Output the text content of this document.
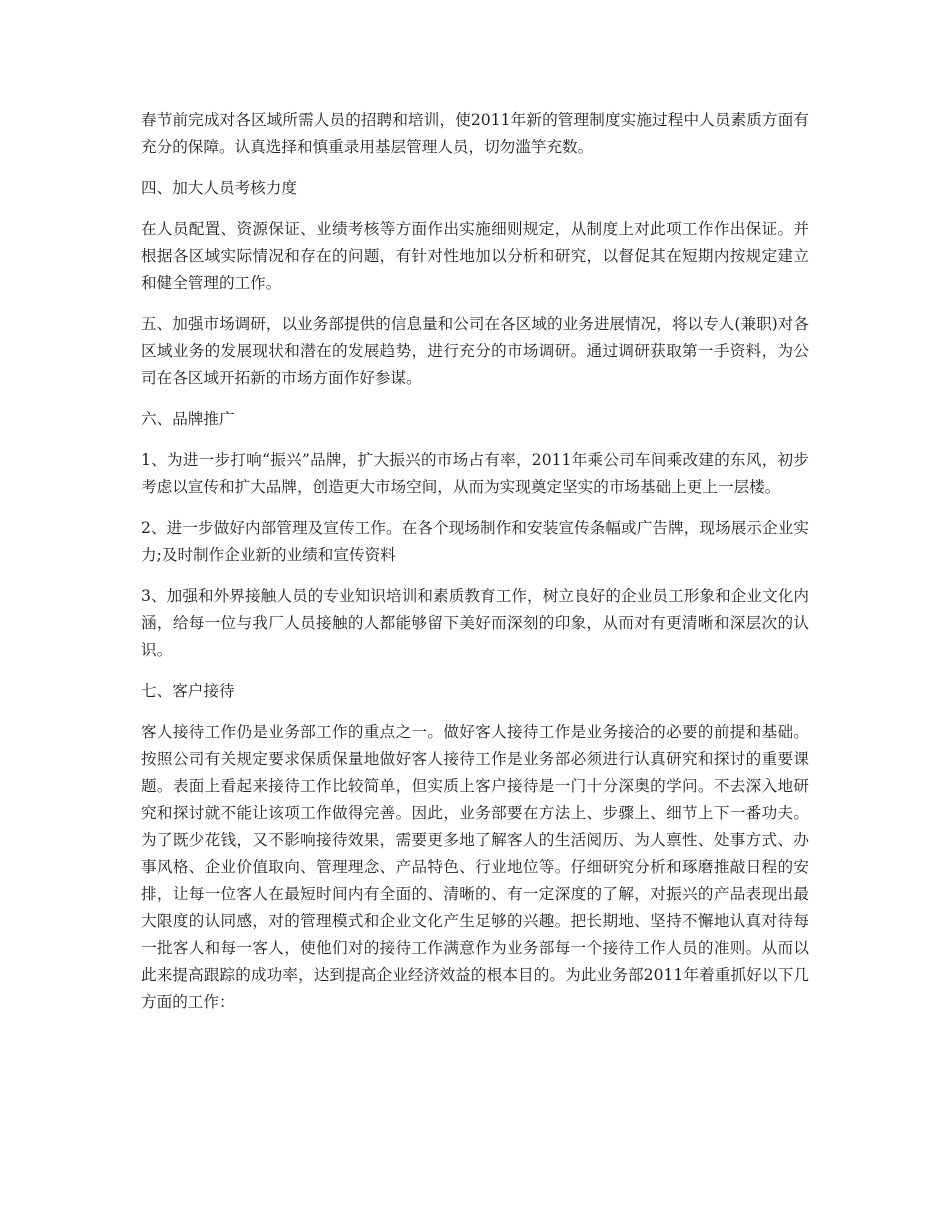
春节前完成对各区域所需人员的招聘和培训，使2011年新的管理制度实施过程中人员素质方面有充分的保障。认真选择和慎重录用基层管理人员，切勿滥竽充数。

四、加大人员考核力度

在人员配置、资源保证、业绩考核等方面作出实施细则规定，从制度上对此项工作作出保证。并根据各区域实际情况和存在的问题，有针对性地加以分析和研究，以督促其在短期内按规定建立和健全管理的工作。

五、加强市场调研，以业务部提供的信息量和公司在各区域的业务进展情况，将以专人(兼职)对各区域业务的发展现状和潜在的发展趋势，进行充分的市场调研。通过调研获取第一手资料，为公司在各区域开拓新的市场方面作好参谋。

六、品牌推广

1、为进一步打响“振兴”品牌，扩大振兴的市场占有率，2011年乘公司车间乘改建的东风，初步考虑以宣传和扩大品牌，创造更大市场空间，从而为实现奠定坚实的市场基础上更上一层楼。

2、进一步做好内部管理及宣传工作。在各个现场制作和安装宣传条幅或广告牌，现场展示企业实力;及时制作企业新的业绩和宣传资料

3、加强和外界接触人员的专业知识培训和素质教育工作，树立良好的企业员工形象和企业文化内涵，给每一位与我厂人员接触的人都能够留下美好而深刻的印象，从而对有更清晰和深层次的认识。

七、客户接待

客人接待工作仍是业务部工作的重点之一。做好客人接待工作是业务接洽的必要的前提和基础。按照公司有关规定要求保质保量地做好客人接待工作是业务部必须进行认真研究和探讨的重要课题。表面上看起来接待工作比较简单，但实质上客户接待是一门十分深奥的学问。不去深入地研究和探讨就不能让该项工作做得完善。因此，业务部要在方法上、步骤上、细节上下一番功夫。为了既少花钱，又不影响接待效果，需要更多地了解客人的生活阅历、为人禀性、处事方式、办事风格、企业价值取向、管理理念、产品特色、行业地位等。仔细研究分析和琢磨推敲日程的安排，让每一位客人在最短时间内有全面的、清晰的、有一定深度的了解，对振兴的产品表现出最大限度的认同感，对的管理模式和企业文化产生足够的兴趣。把长期地、坚持不懈地认真对待每一批客人和每一客人，使他们对的接待工作满意作为业务部每一个接待工作人员的准则。从而以此来提高跟踪的成功率，达到提高企业经济效益的根本目的。为此业务部2011年着重抓好以下几方面的工作：
